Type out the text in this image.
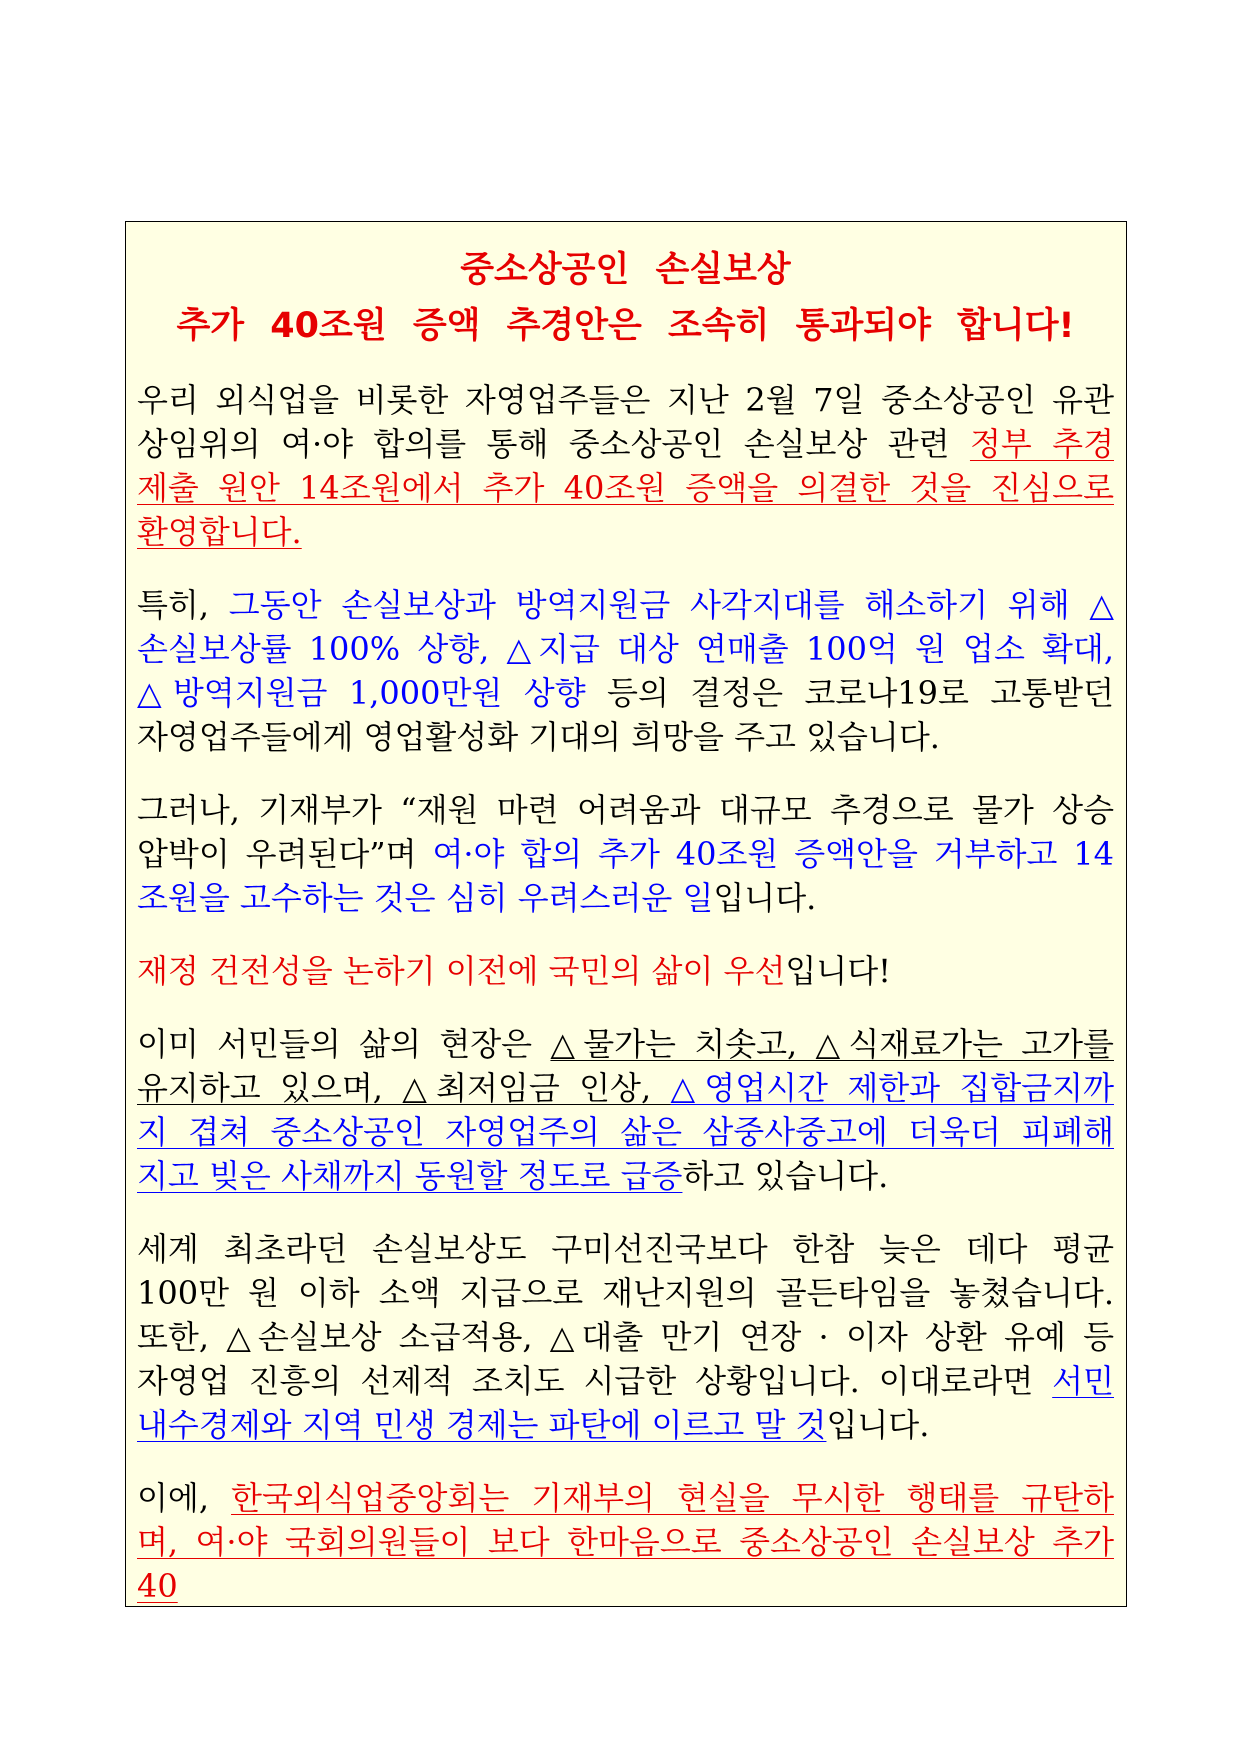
중소상공인 손실보상
추가 40조원 증액 추경안은 조속히 통과되야 합니다!
우리 외식업을 비롯한 자영업주들은 지난 2월 7일 중소상공인 유관
상임위의 여·야 합의를 통해 중소상공인 손실보상 관련 정부 추경
제출 원안 14조원에서 추가 40조원 증액을 의결한 것을 진심으로
환영합니다.
특히, 그동안 손실보상과 방역지원금 사각지대를 해소하기 위해 △
손실보상률 100% 상향, △지급 대상 연매출 100억 원 업소 확대,
△방역지원금 1,000만원 상향 등의 결정은 코로나19로 고통받던
자영업주들에게 영업활성화 기대의 희망을 주고 있습니다.
그러나, 기재부가 “재원 마련 어려움과 대규모 추경으로 물가 상승
압박이 우려된다”며 여·야 합의 추가 40조원 증액안을 거부하고 14
조원을 고수하는 것은 심히 우려스러운 일입니다.
재정 건전성을 논하기 이전에 국민의 삶이 우선입니다!
이미 서민들의 삶의 현장은 △물가는 치솟고, △식재료가는 고가를
유지하고 있으며, △최저임금 인상, △영업시간 제한과 집합금지까
지 겹쳐 중소상공인 자영업주의 삶은 삼중사중고에 더욱더 피폐해
지고 빚은 사채까지 동원할 정도로 급증하고 있습니다.
세계 최초라던 손실보상도 구미선진국보다 한참 늦은 데다 평균
100만 원 이하 소액 지급으로 재난지원의 골든타임을 놓쳤습니다.
또한, △손실보상 소급적용, △대출 만기 연장 · 이자 상환 유예 등
자영업 진흥의 선제적 조치도 시급한 상황입니다. 이대로라면 서민
내수경제와 지역 민생 경제는 파탄에 이르고 말 것입니다.
이에, 한국외식업중앙회는 기재부의 현실을 무시한 행태를 규탄하
며, 여·야 국회의원들이 보다 한마음으로 중소상공인 손실보상 추가
40
